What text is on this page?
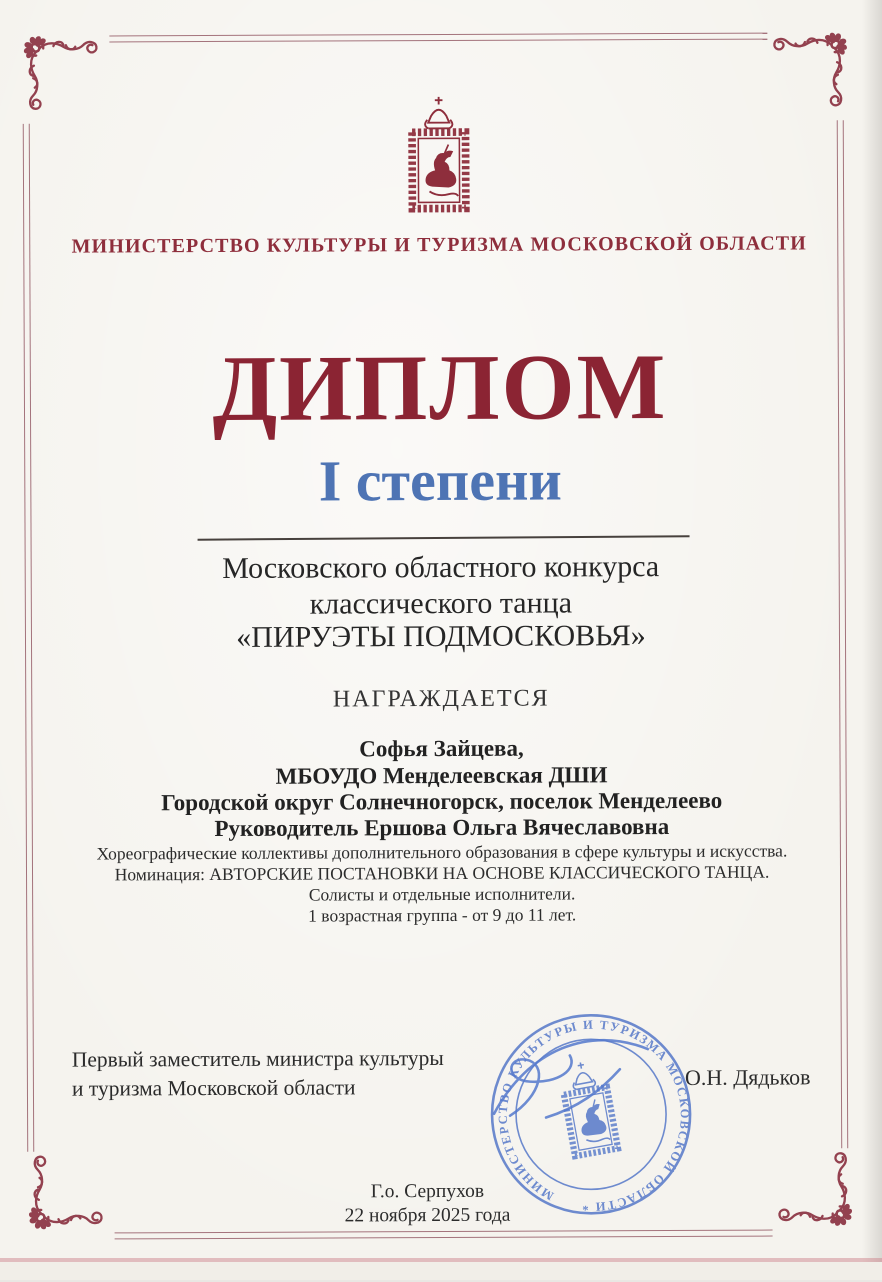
МИНИСТЕРСТВО КУЛЬТУРЫ И ТУРИЗМА МОСКОВСКОЙ ОБЛАСТИ
ДИПЛОМ
I степени
Московского областного конкурса
классического танца
«ПИРУЭТЫ ПОДМОСКОВЬЯ»
НАГРАЖДАЕТСЯ
Софья Зайцева,
МБОУДО Менделеевская ДШИ
Городской округ Солнечногорск, поселок Менделеево
Руководитель Ершова Ольга Вячеславовна
Хореографические коллективы дополнительного образования в сфере культуры и искусства.
Номинация: АВТОРСКИЕ ПОСТАНОВКИ НА ОСНОВЕ КЛАССИЧЕСКОГО ТАНЦА.
Солисты и отдельные исполнители.
1 возрастная группа - от 9 до 11 лет.
Первый заместитель министра культуры
и туризма Московской области
МИНИСТЕРСТВО КУЛЬТУРЫ И ТУРИЗМА МОСКОВСКОЙ ОБЛАСТИ *
О.Н. Дядьков
Г.о. Серпухов
22 ноября 2025 года
